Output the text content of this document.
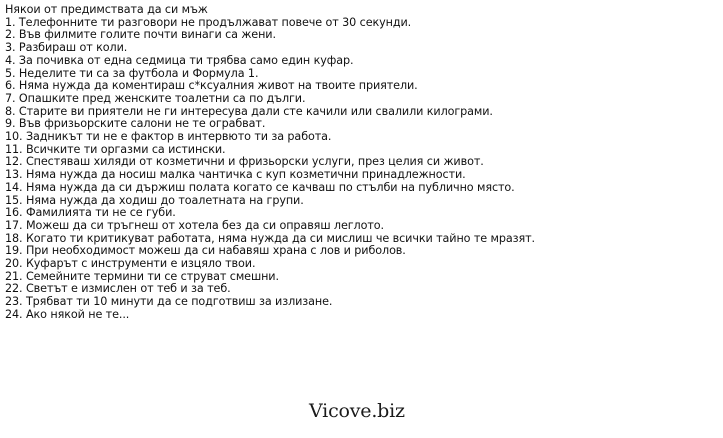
Някои от предимствата да си мъж
1. Телефонните ти разговори не продължават повече от 30 секунди.
2. Във филмите голите почти винаги са жени.
3. Разбираш от коли.
4. За почивка от една седмица ти трябва само един куфар.
5. Неделите ти са за футбола и Формула 1.
6. Няма нужда да коментираш с*ксуалния живот на твоите приятели.
7. Опашките пред женските тоалетни са по дълги.
8. Старите ви приятели не ги интересува дали сте качили или свалили килограми.
9. Във фризьорските салони не те ограбват.
10. Задникът ти не е фактор в интервюто ти за работа.
11. Всичките ти оргазми са истински.
12. Спестяваш хиляди от козметични и фризьорски услуги, през целия си живот.
13. Няма нужда да носиш малка чантичка с куп козметични принадлежности.
14. Няма нужда да си държиш полата когато се качваш по стълби на публично място.
15. Няма нужда да ходиш до тоалетната на групи.
16. Фамилията ти не се губи.
17. Можеш да си тръгнеш от хотела без да си оправяш леглото.
18. Когато ти критикуват работата, няма нужда да си мислиш че всички тайно те мразят.
19. При необходимост можеш да си набавяш храна с лов и риболов.
20. Куфарът с инструменти е изцяло твои.
21. Семейните термини ти се струват смешни.
22. Светът е измислен от теб и за теб.
23. Трябват ти 10 минути да се подготвиш за излизане.
24. Ако някой не те...
Vicove.biz
